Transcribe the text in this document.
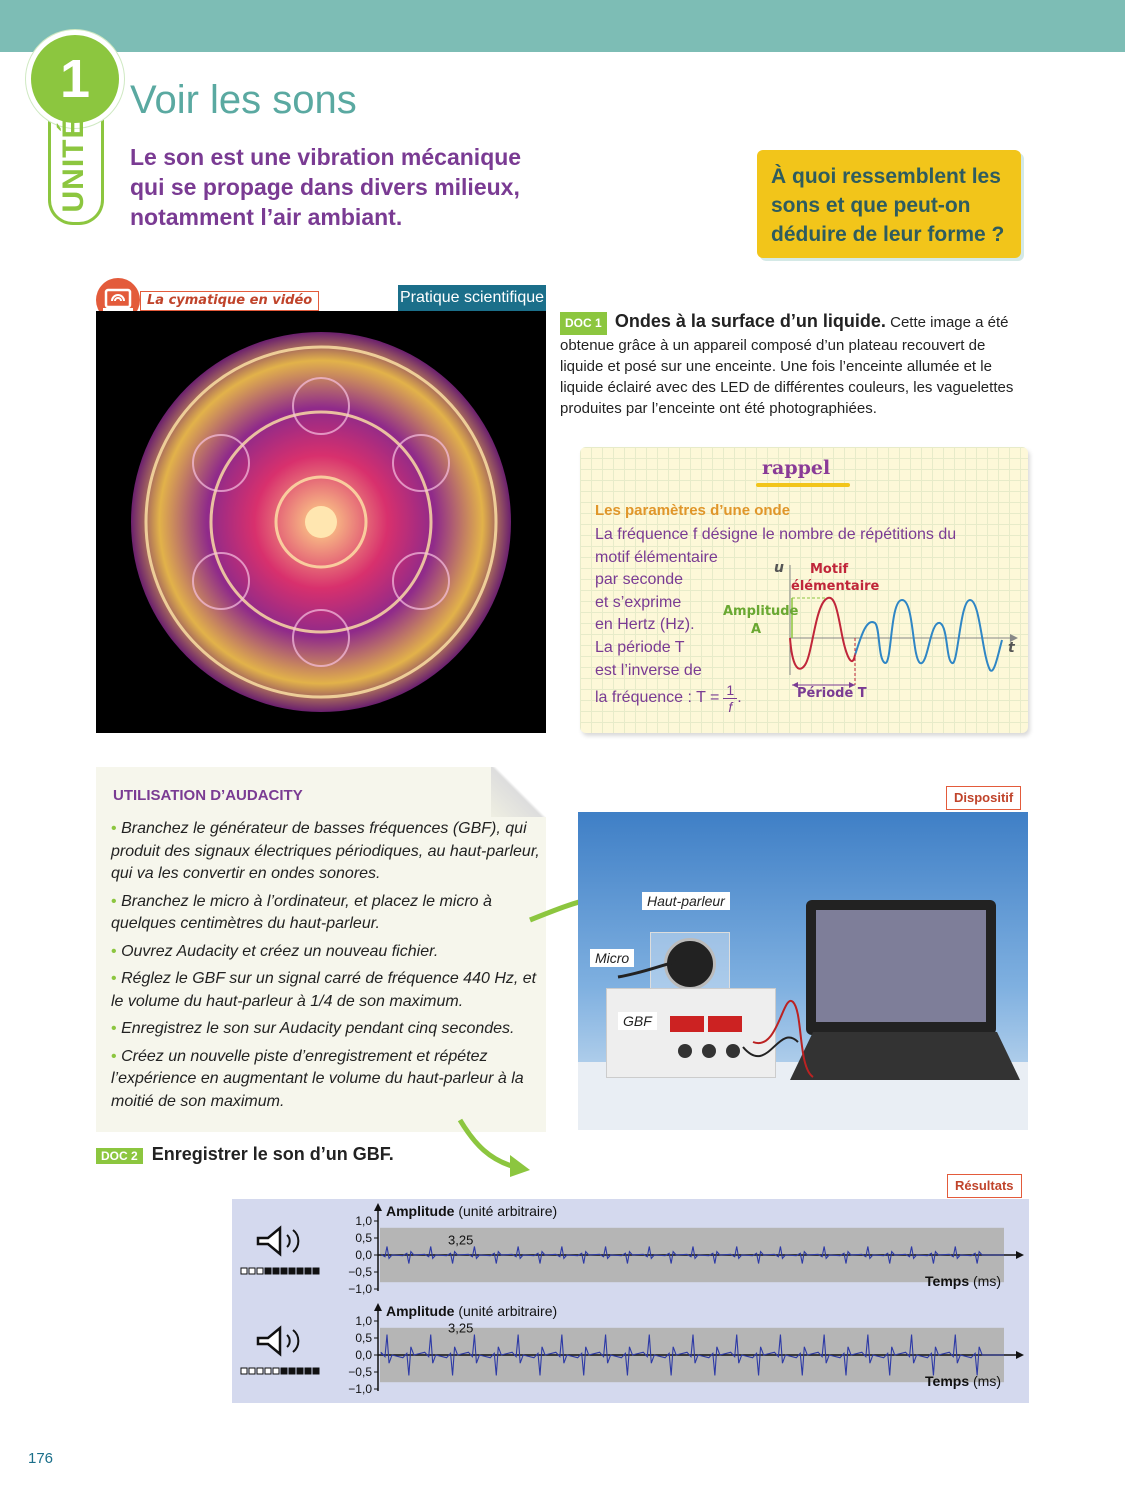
1
UNITÉ
Voir les sons
Le son est une vibration mécanique qui se propage dans divers milieux, notamment l’air ambiant.
À quoi ressemblent les sons et que peut-on déduire de leur forme ?
La cymatique en vidéo	Pratique scientifique
DOC 1 Ondes à la surface d’un liquide. Cette image a été obtenue grâce à un appareil composé d’un plateau recouvert de liquide et posé sur une enceinte. Une fois l’enceinte allumée et le liquide éclairé avec des LED de différentes couleurs, les vaguelettes produites par l’enceinte ont été photographiées.
rappel
Les paramètres d’une onde
La fréquence f désigne le nombre de répétitions du
motif élémentaire
par seconde
et s’exprime
en Hertz (Hz).
La période T
est l’inverse de
la fréquence : $T = \frac{1}{f}$ .
u
t
Motif
élémentaire
Amplitude
A
Période T
UTILISATION D’AUDACITY
• Branchez le générateur de basses fréquences (GBF), qui produit des signaux électriques périodiques, au haut-parleur, qui va les convertir en ondes sonores.
• Branchez le micro à l’ordinateur, et placez le micro à quelques centimètres du haut-parleur.
• Ouvrez Audacity et créez un nouveau fichier.
• Réglez le GBF sur un signal carré de fréquence 440 Hz, et le volume du haut-parleur à 1/4 de son maximum.
• Enregistrez le son sur Audacity pendant cinq secondes.
• Créez un nouvelle piste d’enregistrement et répétez l’expérience en augmentant le volume du haut-parleur à la moitié de son maximum.
DOC 2 Enregistrer le son d’un GBF.
Dispositif
Haut-parleur
Micro
GBF
Résultats
1,0
0,5
0,0
−0,5
−1,0
Amplitude (unité arbitraire)
Temps (ms)
3,25
1,0
0,5
0,0
−0,5
−1,0
Amplitude (unité arbitraire)
Temps (ms)
3,25
176
